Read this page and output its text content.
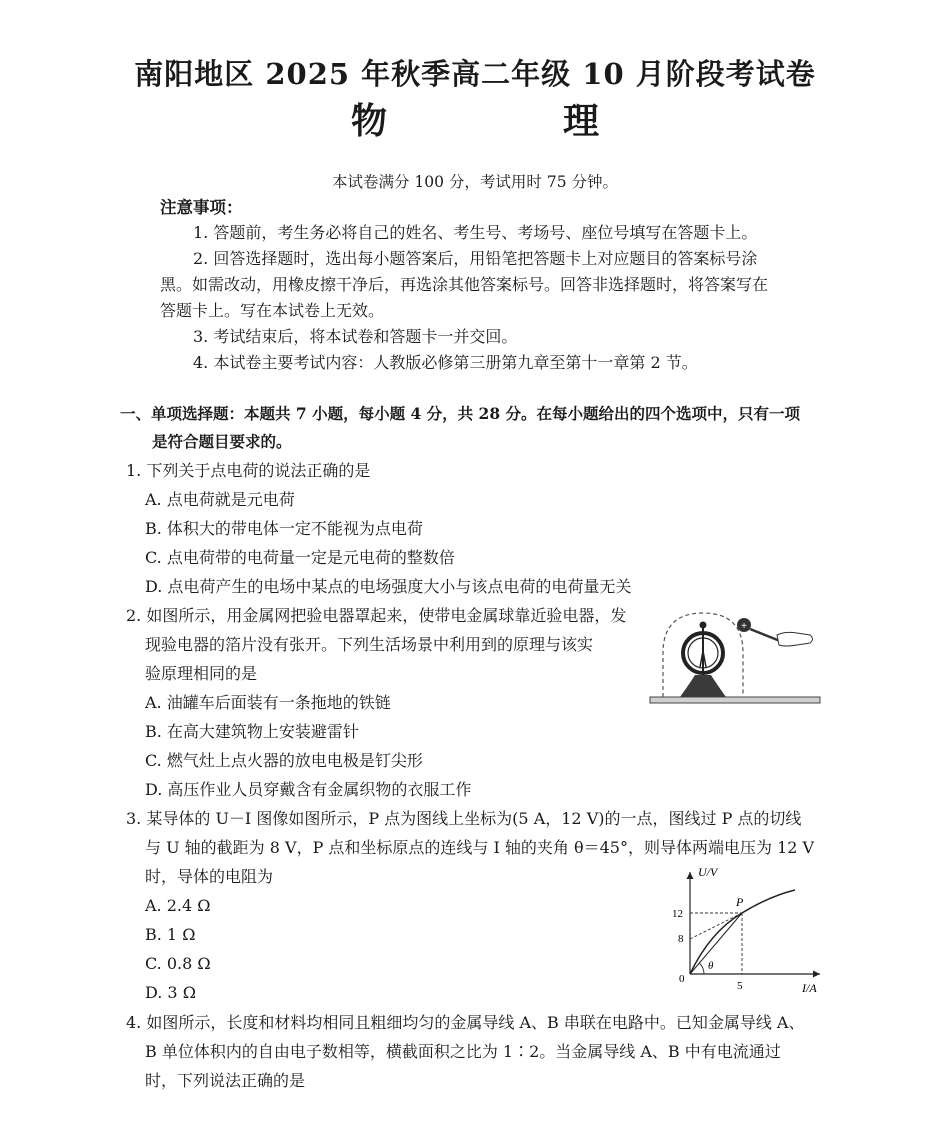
南阳地区 2025 年秋季高二年级 10 月阶段考试卷
物　理
本试卷满分 100 分，考试用时 75 分钟。
注意事项：
1. 答题前，考生务必将自己的姓名、考生号、考场号、座位号填写在答题卡上。
2. 回答选择题时，选出每小题答案后，用铅笔把答题卡上对应题目的答案标号涂
黑。如需改动，用橡皮擦干净后，再选涂其他答案标号。回答非选择题时，将答案写在
答题卡上。写在本试卷上无效。
3. 考试结束后，将本试卷和答题卡一并交回。
4. 本试卷主要考试内容：人教版必修第三册第九章至第十一章第 2 节。
一、单项选择题：本题共 7 小题，每小题 4 分，共 28 分。在每小题给出的四个选项中，只有一项
是符合题目要求的。
1. 下列关于点电荷的说法正确的是
A. 点电荷就是元电荷
B. 体积大的带电体一定不能视为点电荷
C. 点电荷带的电荷量一定是元电荷的整数倍
D. 点电荷产生的电场中某点的电场强度大小与该点电荷的电荷量无关
2. 如图所示，用金属网把验电器罩起来，使带电金属球靠近验电器，发
现验电器的箔片没有张开。下列生活场景中利用到的原理与该实
验原理相同的是
A. 油罐车后面装有一条拖地的铁链
B. 在高大建筑物上安装避雷针
C. 燃气灶上点火器的放电电极是钉尖形
D. 高压作业人员穿戴含有金属织物的衣服工作
+
3. 某导体的 U－I 图像如图所示，P 点为图线上坐标为(5 A，12 V)的一点，图线过 P 点的切线
与 U 轴的截距为 8 V，P 点和坐标原点的连线与 I 轴的夹角 θ＝45°，则导体两端电压为 12 V
时，导体的电阻为
A. 2.4 Ω
B. 1 Ω
C. 0.8 Ω
D. 3 Ω
U/V
I/A
0
12
8
5
P
θ
4. 如图所示，长度和材料均相同且粗细均匀的金属导线 A、B 串联在电路中。已知金属导线 A、
B 单位体积内的自由电子数相等，横截面积之比为 1∶2。当金属导线 A、B 中有电流通过
时，下列说法正确的是
